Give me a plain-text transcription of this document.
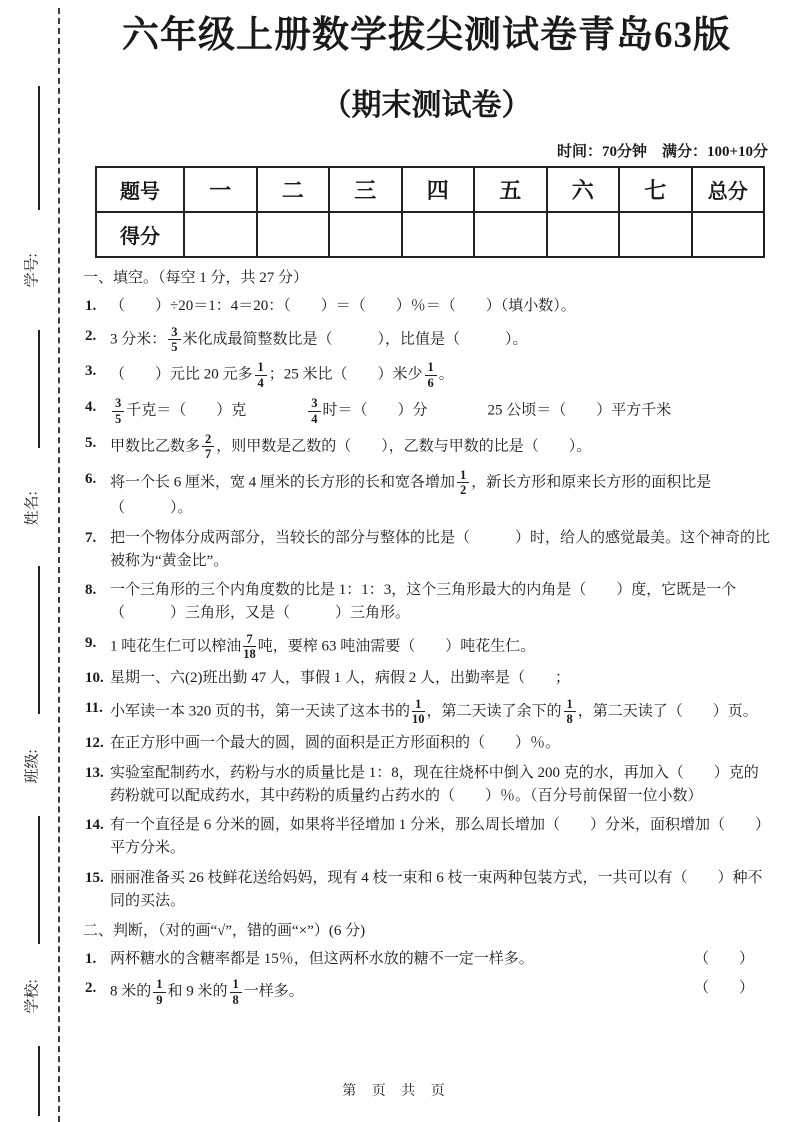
学号:
姓名:
班级:
学校:
六年级上册数学拔尖测试卷青岛63版
（期末测试卷）
时间：70分钟　满分：100+10分
题号	一	二	三	四	五	六	七	总分
得分								
一、填空。（每空 1 分，共 27 分）
1. （　　）÷20＝1：4＝20：（　　）＝（　　）％＝（　　）（填小数）。
2. 3 分米： $\frac{3}{5}$ 米化成最简整数比是（　　　），比值是（　　　）。
3. （　　）元比 20 元多 $\frac{1}{4}$ ；25 米比（　　）米少 $\frac{1}{6}$ 。
4. $\frac{3}{5}$ 千克＝（　　）克　　　　 $\frac{3}{4}$ 时＝（　　）分　　　　25 公顷＝（　　）平方千米
5. 甲数比乙数多 $\frac{2}{7}$ ，则甲数是乙数的（　　），乙数与甲数的比是（　　）。
6. 将一个长 6 厘米，宽 4 厘米的长方形的长和宽各增加 $\frac{1}{2}$ ，新长方形和原来长方形的面积比是（　　　）。
7. 把一个物体分成两部分，当较长的部分与整体的比是（　　　）时，给人的感觉最美。这个神奇的比被称为“黄金比”。
8. 一个三角形的三个内角度数的比是 1：1：3，这个三角形最大的内角是（　　）度，它既是一个（　　　）三角形，又是（　　　）三角形。
9. 1 吨花生仁可以榨油 $\frac{7}{18}$ 吨，要榨 63 吨油需要（　　）吨花生仁。
10. 星期一、六(2)班出勤 47 人，事假 1 人，病假 2 人，出勤率是（　　；
11. 小军读一本 320 页的书，第一天读了这本书的 $\frac{1}{10}$ ，第二天读了余下的 $\frac{1}{8}$ ，第二天读了（　　）页。
12. 在正方形中画一个最大的圆，圆的面积是正方形面积的（　　）％。
13. 实验室配制药水，药粉与水的质量比是 1：8，现在往烧杯中倒入 200 克的水，再加入（　　）克的药粉就可以配成药水，其中药粉的质量约占药水的（　　）％。（百分号前保留一位小数）
14. 有一个直径是 6 分米的圆，如果将半径增加 1 分米，那么周长增加（　　）分米，面积增加（　　）平方分米。
15. 丽丽准备买 26 枝鲜花送给妈妈，现有 4 枝一束和 6 枝一束两种包装方式，一共可以有（　　）种不同的买法。
二、判断，（对的画“√”，错的画“×”）(6 分)
1.	（　　）
两杯糖水的含糖率都是 15％，但这两杯水放的糖不一定一样多。
2.	（　　）
8 米的 $\frac{1}{9}$ 和 9 米的 $\frac{1}{8}$ 一样多。
第 页 共 页
